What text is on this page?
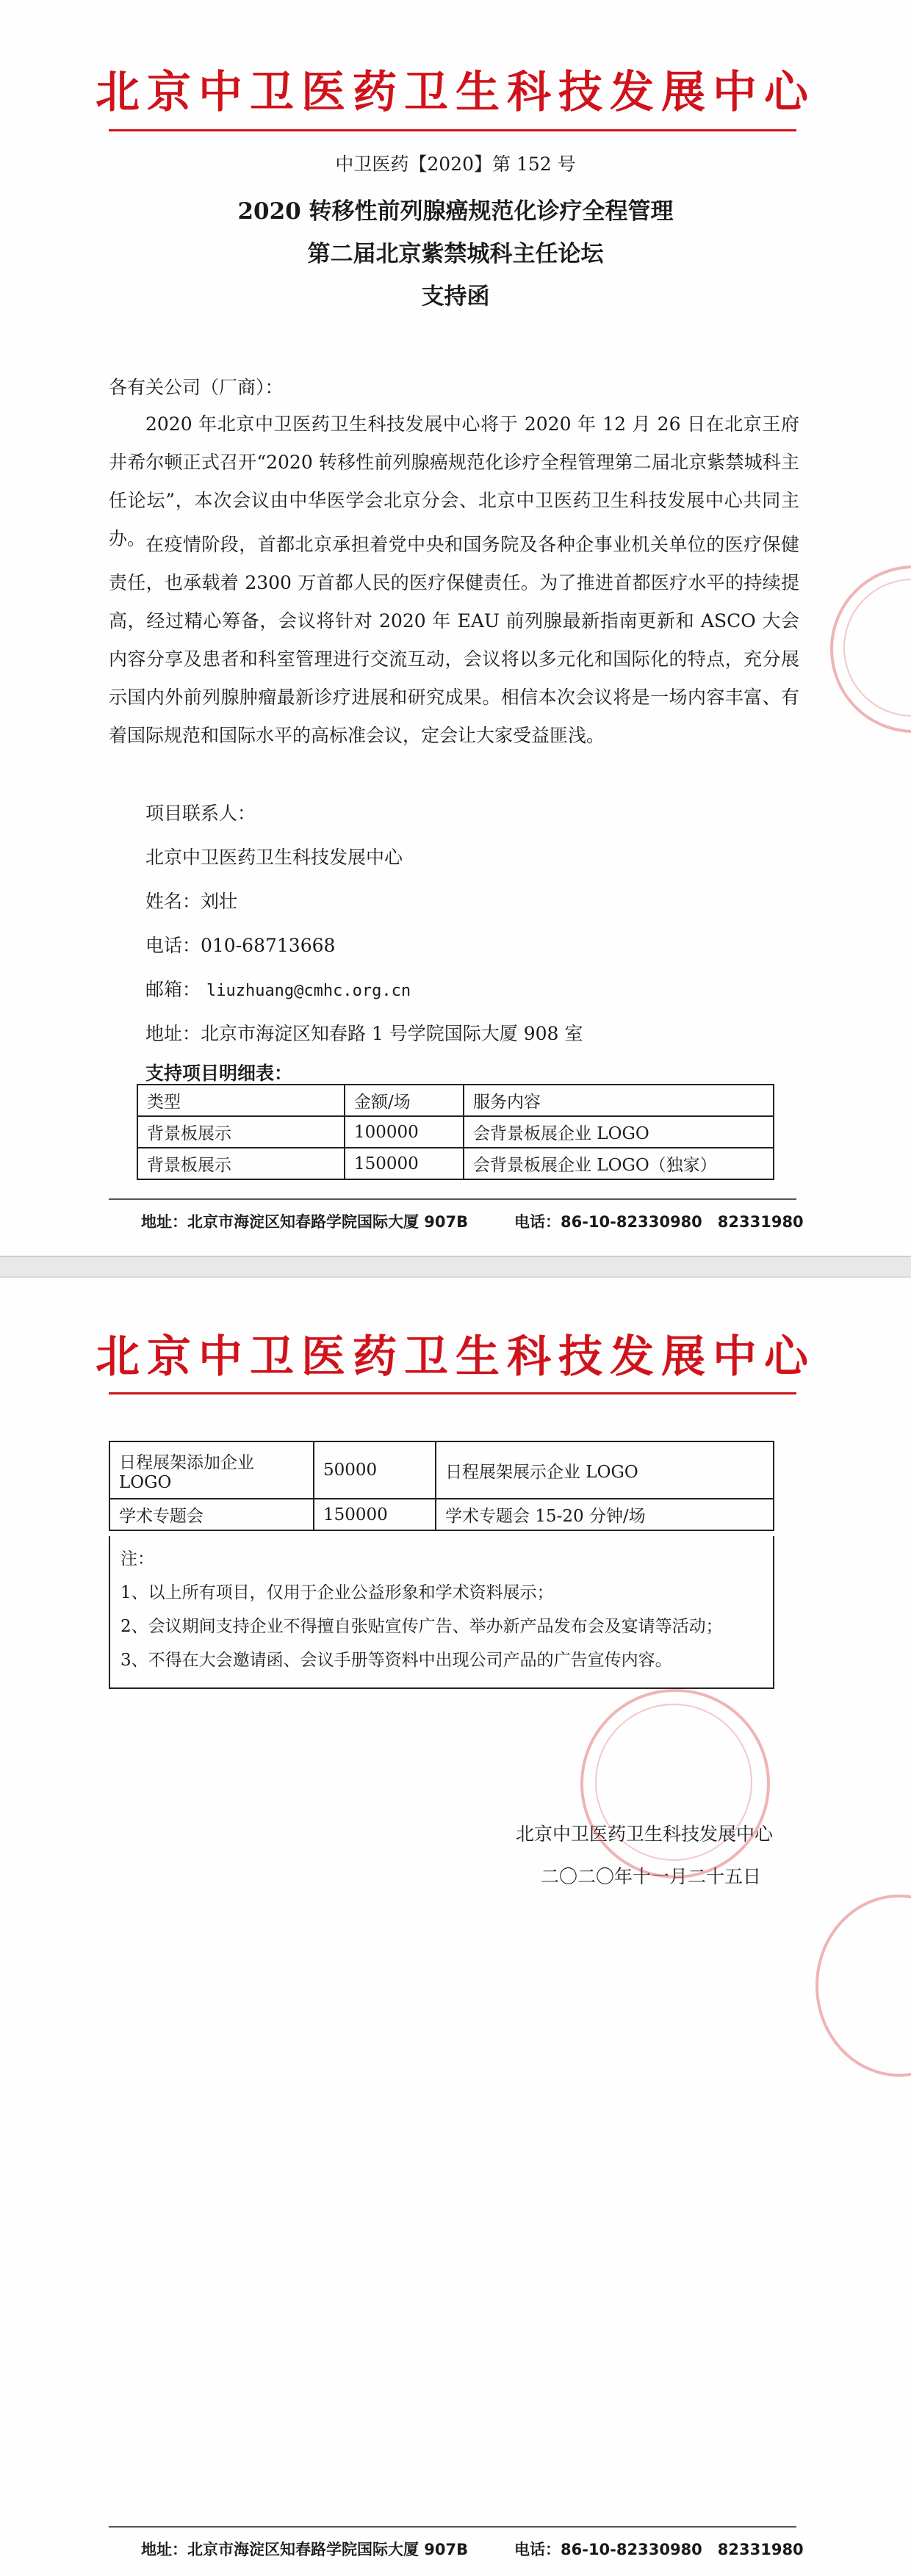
北京中卫医药卫生科技发展中心
中卫医药【2020】第 152 号
2020 转移性前列腺癌规范化诊疗全程管理
第二届北京紫禁城科主任论坛
支持函
各有关公司（厂商）：

2020 年北京中卫医药卫生科技发展中心将于 2020 年 12 月 26 日在北京王府井希尔顿正式召开“2020 转移性前列腺癌规范化诊疗全程管理第二届北京紫禁城科主任论坛”，本次会议由中华医学会北京分会、北京中卫医药卫生科技发展中心共同主办。 在疫情阶段，首都北京承担着党中央和国务院及各种企事业机关单位的医疗保健责任，也承载着 2300 万首都人民的医疗保健责任。为了推进首都医疗水平的持续提高，经过精心筹备，会议将针对 2020 年 EAU 前列腺最新指南更新和 ASCO 大会内容分享及患者和科室管理进行交流互动，会议将以多元化和国际化的特点，充分展示国内外前列腺肿瘤最新诊疗进展和研究成果。相信本次会议将是一场内容丰富、有着国际规范和国际水平的高标准会议，定会让大家受益匪浅。

项目联系人：
北京中卫医药卫生科技发展中心
姓名：刘壮
电话：010-68713668
邮箱： liuzhuang@cmhc.org.cn
地址：北京市海淀区知春路 1 号学院国际大厦 908 室
支持项目明细表：
类型	金额/场	服务内容
背景板展示	100000	会背景板展企业 LOGO
背景板展示	150000	会背景板展企业 LOGO（独家）
地址：北京市海淀区知春路学院国际大厦 907B	电话：86-10-82330980　82331980
北京中卫医药卫生科技发展中心
日程展架添加企业 LOGO	50000	日程展架展示企业 LOGO
学术专题会	150000	学术专题会 15-20 分钟/场
注：
1、以上所有项目，仅用于企业公益形象和学术资料展示；
2、会议期间支持企业不得擅自张贴宣传广告、举办新产品发布会及宴请等活动；
3、不得在大会邀请函、会议手册等资料中出现公司产品的广告宣传内容。
北京中卫医药卫生科技发展中心
二〇二〇年十一月二十五日
地址：北京市海淀区知春路学院国际大厦 907B	电话：86-10-82330980　82331980
